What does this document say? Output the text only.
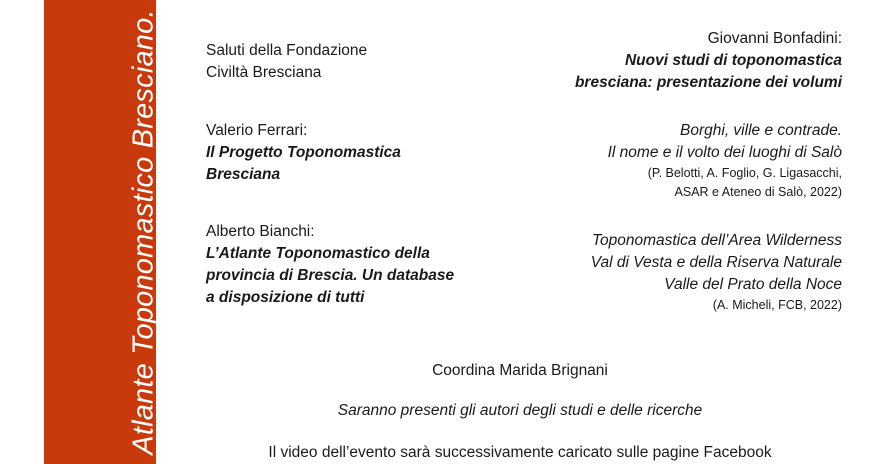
Atlante Toponomastico Bresciano.	Saluti della Fondazione
Civiltà Bresciana
Valerio Ferrari:
Il Progetto Toponomastica
Bresciana
Alberto Bianchi:
L’Atlante Toponomastico della
provincia di Brescia. Un database
a disposizione di tutti
Giovanni Bonfadini:
Nuovi studi di toponomastica
bresciana: presentazione dei volumi
Borghi, ville e contrade.
Il nome e il volto dei luoghi di Salò
(P. Belotti, A. Foglio, G. Ligasacchi,
ASAR e Ateneo di Salò, 2022)
Toponomastica dell’Area Wilderness
Val di Vesta e della Riserva Naturale
Valle del Prato della Noce
(A. Micheli, FCB, 2022)
Coordina Marida Brignani
Saranno presenti gli autori degli studi e delle ricerche
Il video dell’evento sarà successivamente caricato sulle pagine Facebook
